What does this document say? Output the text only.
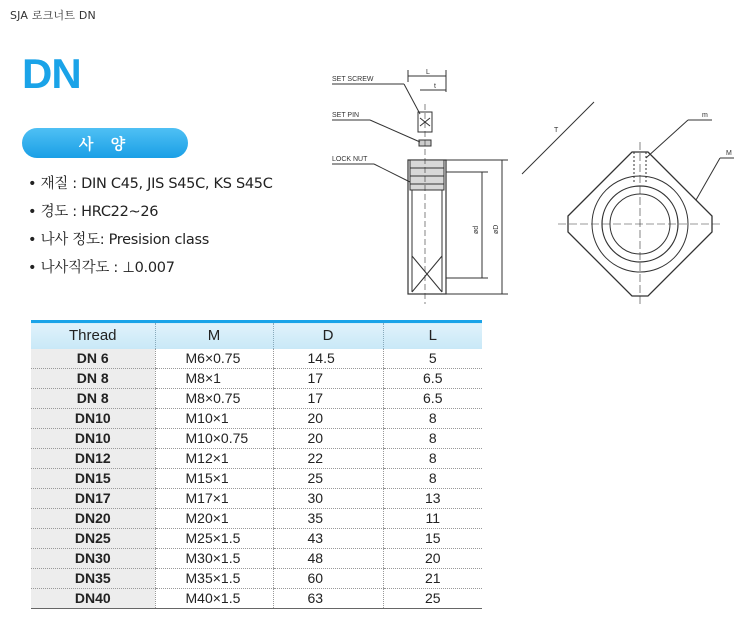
SJA 로크너트 DN
DN
사 양
• 재질 : DIN C45, JIS S45C, KS S45C
• 경도 : HRC22~26
• 나사 정도: Presision class
• 나사직각도 : ⊥0.007
L
t
SET SCREW
SET PIN
LOCK NUT
ød øD
T
m
M
Thread	M	D	L
DN 6	M6×0.75	14.5	5
DN 8	M8×1	17	6.5
DN 8	M8×0.75	17	6.5
DN10	M10×1	20	8
DN10	M10×0.75	20	8
DN12	M12×1	22	8
DN15	M15×1	25	8
DN17	M17×1	30	13
DN20	M20×1	35	11
DN25	M25×1.5	43	15
DN30	M30×1.5	48	20
DN35	M35×1.5	60	21
DN40	M40×1.5	63	25
